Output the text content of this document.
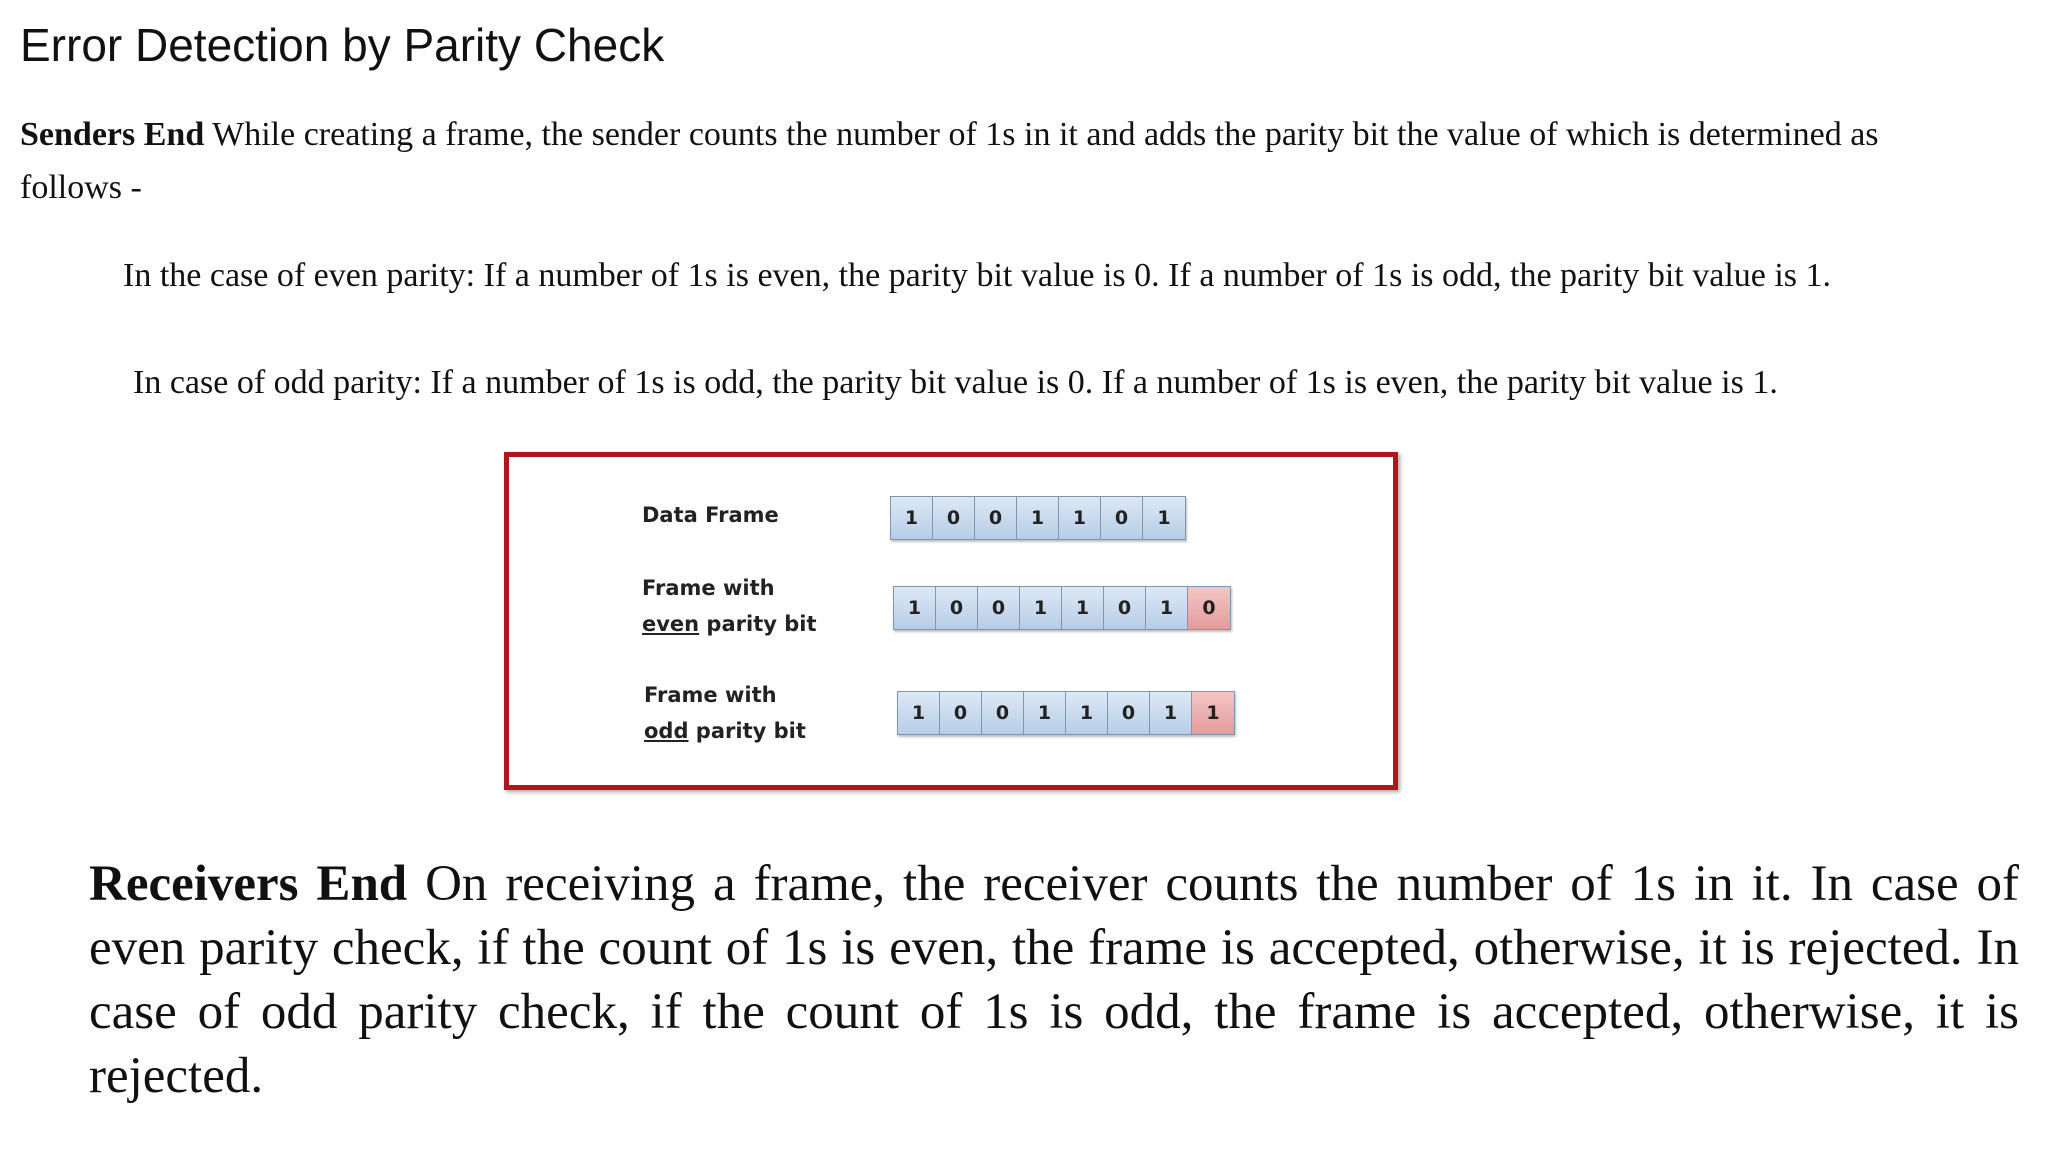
Error Detection by Parity Check

Senders End While creating a frame, the sender counts the number of 1s in it and adds the parity bit the value of which is determined as follows -

In the case of even parity: If a number of 1s is even, the parity bit value is 0. If a number of 1s is odd, the parity bit value is 1.

In case of odd parity: If a number of 1s is odd, the parity bit value is 0. If a number of 1s is even, the parity bit value is 1.

Data Frame	1	0	0	1	1	0	1
Frame with
even parity bit
1	0	0	1	1	0	1	0
Frame with
odd parity bit
1	0	0	1	1	0	1	1

Receivers End On receiving a frame, the receiver counts the number of 1s in it. In case of even parity check, if the count of 1s is even, the frame is accepted, otherwise, it is rejected. In case of odd parity check, if the count of 1s is odd, the frame is accepted, otherwise, it is rejected.
